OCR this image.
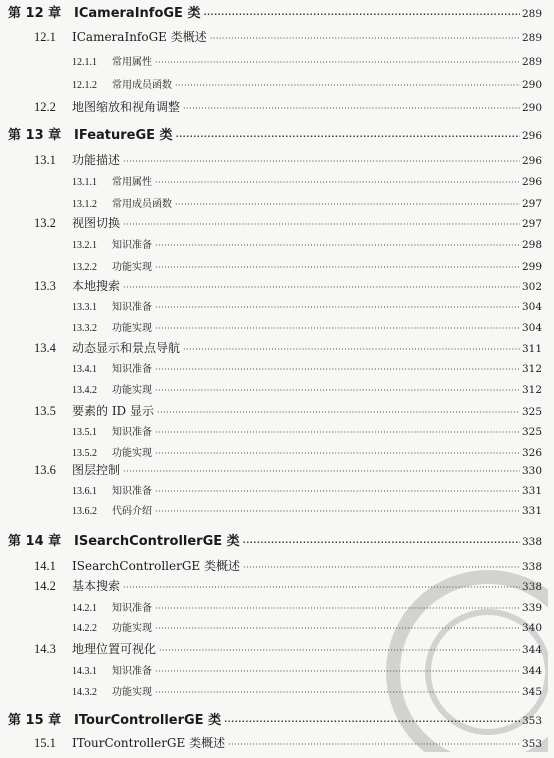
第 12 章 ICameraInfoGE 类 ·····	289
12.1	ICameraInfoGE 类概述 ·····	289
12.1.1	常用属性 ·····	289
12.1.2	常用成员函数 ·····	290
12.2	地图缩放和视角调整 ·····	290
第 13 章 IFeatureGE 类 ·····	296
13.1	功能描述 ·····	296
13.1.1	常用属性 ·····	296
13.1.2	常用成员函数 ·····	297
13.2	视图切换 ·····	297
13.2.1	知识准备 ·····	298
13.2.2	功能实现 ·····	299
13.3	本地搜索 ·····	302
13.3.1	知识准备 ·····	304
13.3.2	功能实现 ·····	304
13.4	动态显示和景点导航 ·····	311
13.4.1	知识准备 ·····	312
13.4.2	功能实现 ·····	312
13.5	要素的 ID 显示 ·····	325
13.5.1	知识准备 ·····	325
13.5.2	功能实现 ·····	326
13.6	图层控制 ·····	330
13.6.1	知识准备 ·····	331
13.6.2	代码介绍 ·····	331
第 14 章 ISearchControllerGE 类 ·····	338
14.1	ISearchControllerGE 类概述 ·····	338
14.2	基本搜索 ·····	338
14.2.1	知识准备 ·····	339
14.2.2	功能实现 ·····	340
14.3	地理位置可视化 ·····	344
14.3.1	知识准备 ·····	344
14.3.2	功能实现 ·····	345
第 15 章 ITourControllerGE 类 ·····	353
15.1	ITourControllerGE 类概述 ·····	353
